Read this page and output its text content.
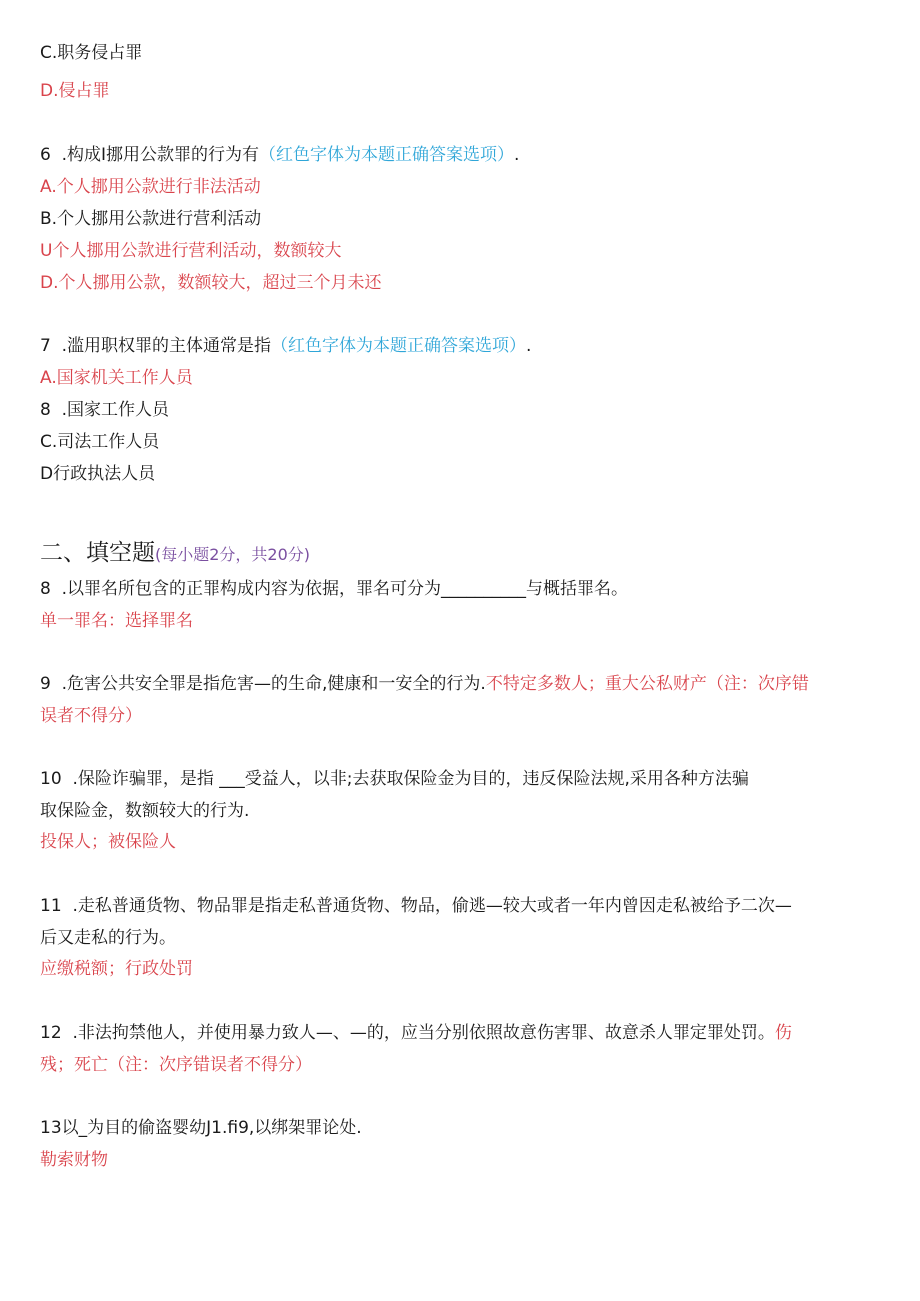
C.职务侵占罪
D.侵占罪
6  .构成Ⅰ挪用公款罪的行为有（红色字体为本题正确答案选项）.
A.个人挪用公款进行非法活动
B.个人挪用公款进行营利活动
U个人挪用公款进行营利活动，数额较大
D.个人挪用公款，数额较大，超过三个月未还
7  .滥用职权罪的主体通常是指（红色字体为本题正确答案选项）.
A.国家机关工作人员
8  .国家工作人员
C.司法工作人员
D行政执法人员
二、填空题(每小题2分，共20分)
8  .以罪名所包含的正罪构成内容为依据，罪名可分为__________与概括罪名。
单一罪名：选择罪名
9  .危害公共安全罪是指危害—的生命,健康和一安全的行为.不特定多数人；重大公私财产（注：次序错
误者不得分）
10  .保险诈骗罪，是指 ___受益人，以非;去获取保险金为目的，违反保险法规,采用各种方法骗
取保险金，数额较大的行为.
投保人；被保险人
11  .走私普通货物、物品罪是指走私普通货物、物品，偷逃—较大或者一年内曾因走私被给予二次—
后又走私的行为。
应缴税额；行政处罚
12  .非法拘禁他人，并使用暴力致人—、—的，应当分别依照故意伤害罪、故意杀人罪定罪处罚。伤
残；死亡（注：次序错误者不得分）
13以_为目的偷盗婴幼J1.fi9,以绑架罪论处.
勒索财物
